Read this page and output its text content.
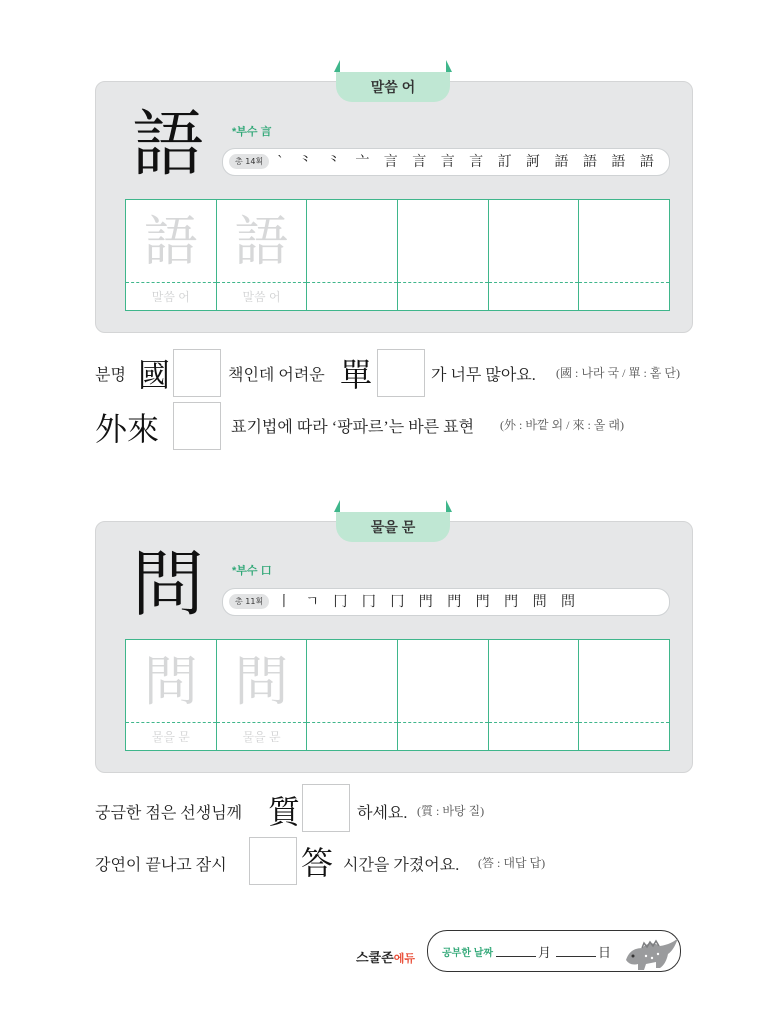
말씀 어
語	*부수 言
총 14획 ` ⺀ ⺀ 亠 言 言 言 言 訂 訶 語 語 語 語
語
말씀 어
語
말씀 어
분명 國	책인데 어려운 單	가 너무 많아요. (國 : 나라 국 / 單 : 홑 단)
外來	표기법에 따라 ‘팡파르’는 바른 표현 (外 : 바깥 외 / 來 : 올 래)
물을 문
問	*부수 口
총 11획 丨 ㄱ 冂 冂 冂 門 門 門 門 問 問
問
물을 문
問
물을 문
궁금한 점은 선생님께 質	하세요. (質 : 바탕 질)
강연이 끝나고 잠시 答 시간을 가졌어요. (答 : 대답 답)
스쿨존에듀	공부한 날짜	月	日
